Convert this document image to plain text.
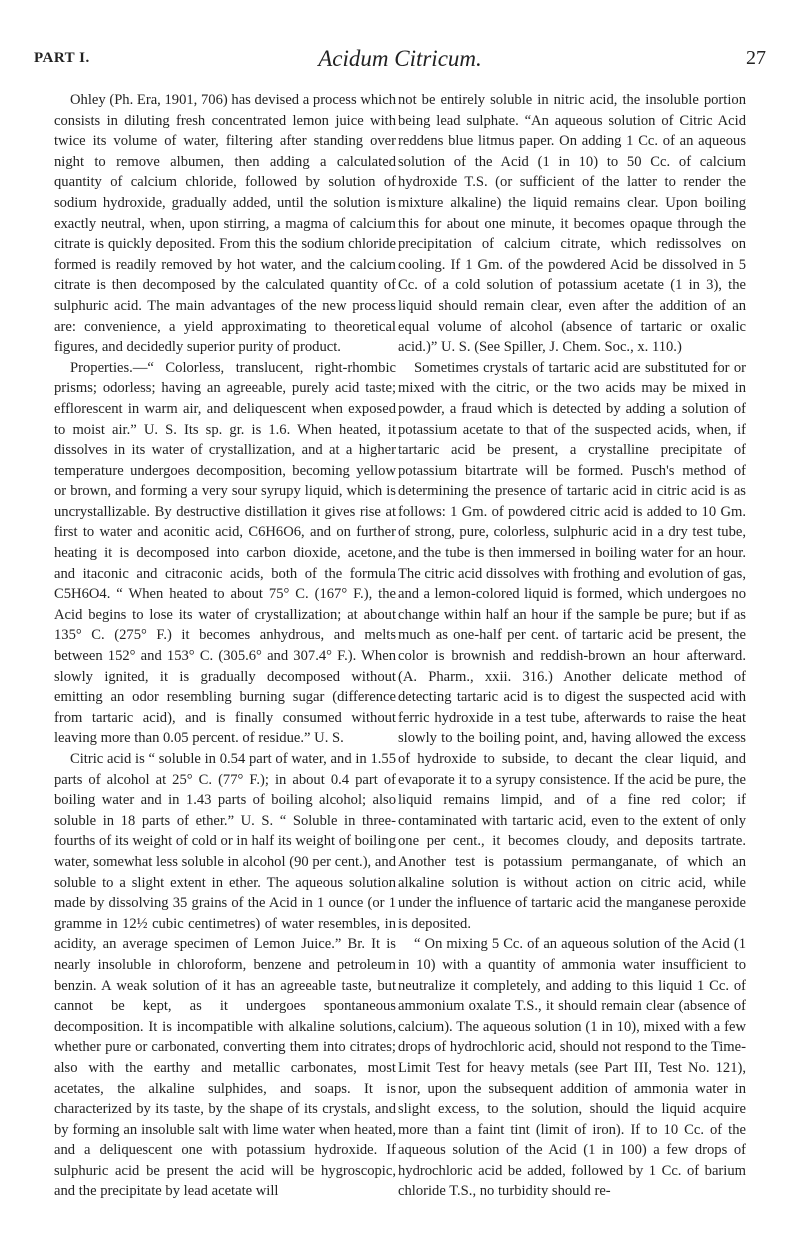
PART I.	Acidum Citricum.	27

Ohley (Ph. Era, 1901, 706) has devised a process which consists in diluting fresh concentrated lemon juice with twice its volume of water, filtering after standing over night to remove albumen, then adding a calculated quantity of calcium chloride, followed by solution of sodium hydroxide, gradually added, until the solution is exactly neutral, when, upon stirring, a magma of calcium citrate is quickly deposited. From this the sodium chloride formed is readily removed by hot water, and the calcium citrate is then decomposed by the calculated quantity of sulphuric acid. The main advantages of the new process are: convenience, a yield approximating to theoretical figures, and decidedly superior purity of product.

Properties.—“ Colorless, translucent, right-rhombic prisms; odorless; having an agreeable, purely acid taste; efflorescent in warm air, and deliquescent when exposed to moist air.” U. S. Its sp. gr. is 1.6. When heated, it dissolves in its water of crystallization, and at a higher temperature undergoes decomposition, becoming yellow or brown, and forming a very sour syrupy liquid, which is uncrystallizable. By destructive distillation it gives rise at first to water and aconitic acid, C6H6O6, and on further heating it is decomposed into carbon dioxide, acetone, and itaconic and citraconic acids, both of the formula C5H6O4. “ When heated to about 75° C. (167° F.), the Acid begins to lose its water of crystallization; at about 135° C. (275° F.) it becomes anhydrous, and melts between 152° and 153° C. (305.6° and 307.4° F.). When slowly ignited, it is gradually decomposed without emitting an odor resembling burning sugar (difference from tartaric acid), and is finally consumed without leaving more than 0.05 percent. of residue.” U. S.

Citric acid is “ soluble in 0.54 part of water, and in 1.55 parts of alcohol at 25° C. (77° F.); in about 0.4 part of boiling water and in 1.43 parts of boiling alcohol; also soluble in 18 parts of ether.” U. S. “ Soluble in three-fourths of its weight of cold or in half its weight of boiling water, somewhat less soluble in alcohol (90 per cent.), and soluble to a slight extent in ether. The aqueous solution made by dissolving 35 grains of the Acid in 1 ounce (or 1 gramme in 12½ cubic centimetres) of water resembles, in acidity, an average specimen of Lemon Juice.” Br. It is nearly insoluble in chloroform, benzene and petroleum benzin. A weak solution of it has an agreeable taste, but cannot be kept, as it undergoes spontaneous decomposition. It is incompatible with alkaline solutions, whether pure or carbonated, converting them into citrates; also with the earthy and metallic carbonates, most acetates, the alkaline sulphides, and soaps. It is characterized by its taste, by the shape of its crystals, and by forming an insoluble salt with lime water when heated, and a deliquescent one with potassium hydroxide. If sulphuric acid be present the acid will be hygroscopic, and the precipitate by lead acetate will

not be entirely soluble in nitric acid, the insoluble portion being lead sulphate. “An aqueous solution of Citric Acid reddens blue litmus paper. On adding 1 Cc. of an aqueous solution of the Acid (1 in 10) to 50 Cc. of calcium hydroxide T.S. (or sufficient of the latter to render the mixture alkaline) the liquid remains clear. Upon boiling this for about one minute, it becomes opaque through the precipitation of calcium citrate, which redissolves on cooling. If 1 Gm. of the powdered Acid be dissolved in 5 Cc. of a cold solution of potassium acetate (1 in 3), the liquid should remain clear, even after the addition of an equal volume of alcohol (absence of tartaric or oxalic acid.)” U. S. (See Spiller, J. Chem. Soc., x. 110.)

Sometimes crystals of tartaric acid are substituted for or mixed with the citric, or the two acids may be mixed in powder, a fraud which is detected by adding a solution of potassium acetate to that of the suspected acids, when, if tartaric acid be present, a crystalline precipitate of potassium bitartrate will be formed. Pusch's method of determining the presence of tartaric acid in citric acid is as follows: 1 Gm. of powdered citric acid is added to 10 Gm. of strong, pure, colorless, sulphuric acid in a dry test tube, and the tube is then immersed in boiling water for an hour. The citric acid dissolves with frothing and evolution of gas, and a lemon-colored liquid is formed, which undergoes no change within half an hour if the sample be pure; but if as much as one-half per cent. of tartaric acid be present, the color is brownish and reddish-brown an hour afterward. (A. Pharm., xxii. 316.) Another delicate method of detecting tartaric acid is to digest the suspected acid with ferric hydroxide in a test tube, afterwards to raise the heat slowly to the boiling point, and, having allowed the excess of hydroxide to subside, to decant the clear liquid, and evaporate it to a syrupy consistence. If the acid be pure, the liquid remains limpid, and of a fine red color; if contaminated with tartaric acid, even to the extent of only one per cent., it becomes cloudy, and deposits tartrate. Another test is potassium permanganate, of which an alkaline solution is without action on citric acid, while under the influence of tartaric acid the manganese peroxide is deposited.

“ On mixing 5 Cc. of an aqueous solution of the Acid (1 in 10) with a quantity of ammonia water insufficient to neutralize it completely, and adding to this liquid 1 Cc. of ammonium oxalate T.S., it should remain clear (absence of calcium). The aqueous solution (1 in 10), mixed with a few drops of hydrochloric acid, should not respond to the Time-Limit Test for heavy metals (see Part III, Test No. 121), nor, upon the subsequent addition of ammonia water in slight excess, to the solution, should the liquid acquire more than a faint tint (limit of iron). If to 10 Cc. of the aqueous solution of the Acid (1 in 100) a few drops of hydrochloric acid be added, followed by 1 Cc. of barium chloride T.S., no turbidity should re-
